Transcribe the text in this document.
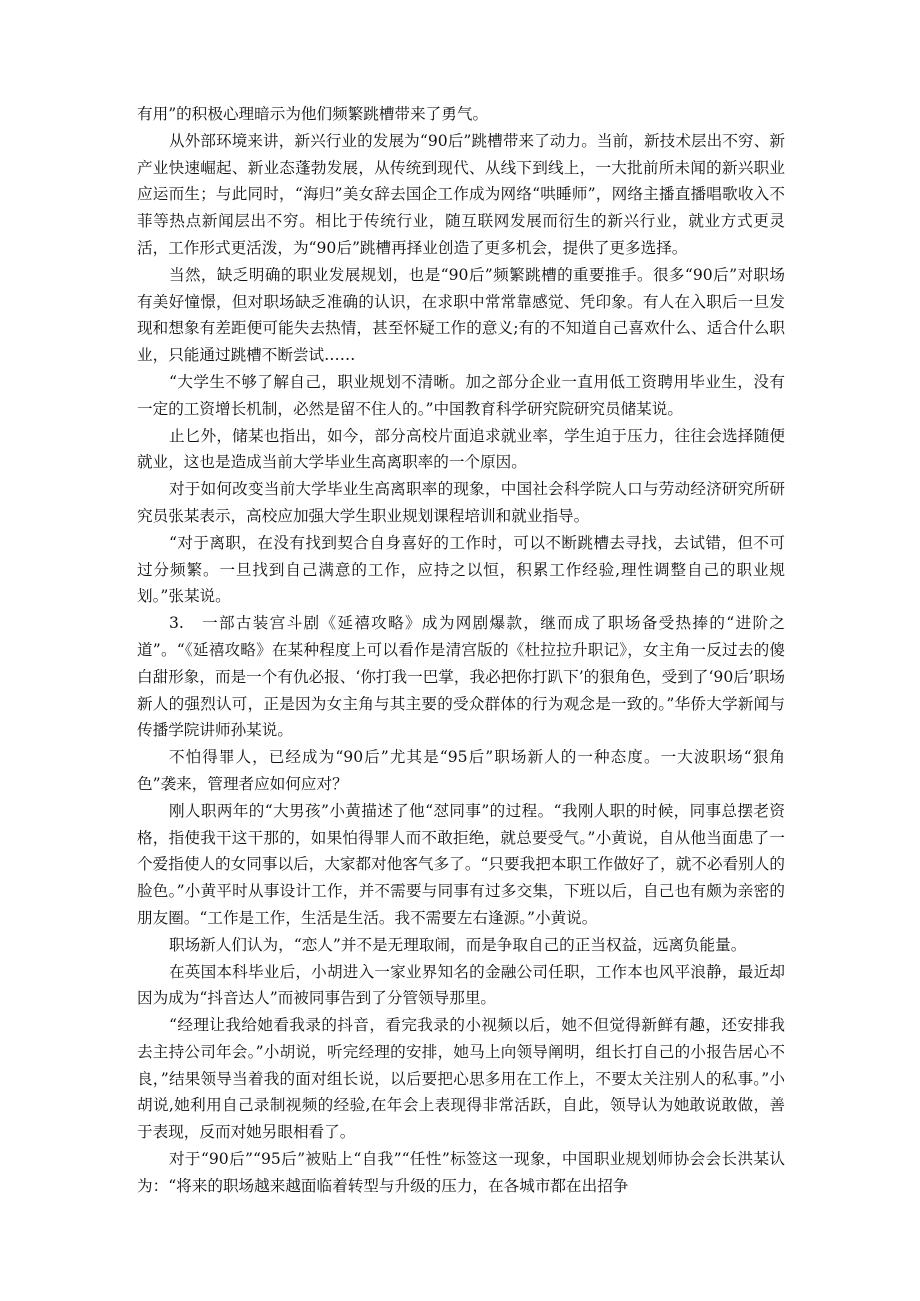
有用”的积极心理暗示为他们频繁跳槽带来了勇气。

从外部环境来讲，新兴行业的发展为“90后”跳槽带来了动力。当前，新技术层出不穷、新产业快速崛起、新业态蓬勃发展，从传统到现代、从线下到线上，一大批前所未闻的新兴职业应运而生；与此同时，“海归”美女辞去国企工作成为网络“哄睡师”，网络主播直播唱歌收入不菲等热点新闻层出不穷。相比于传统行业，随互联网发展而衍生的新兴行业，就业方式更灵活，工作形式更活泼，为“90后”跳槽再择业创造了更多机会，提供了更多选择。

当然，缺乏明确的职业发展规划，也是“90后”频繁跳槽的重要推手。很多“90后”对职场有美好憧憬，但对职场缺乏准确的认识，在求职中常常靠感觉、凭印象。有人在入职后一旦发现和想象有差距便可能失去热情，甚至怀疑工作的意义;有的不知道自己喜欢什么、适合什么职业，只能通过跳槽不断尝试……

“大学生不够了解自己，职业规划不清晰。加之部分企业一直用低工资聘用毕业生，没有一定的工资增长机制，必然是留不住人的。”中国教育科学研究院研究员储某说。

止匕外，储某也指出，如今，部分高校片面追求就业率，学生迫于压力，往往会选择随便就业，这也是造成当前大学毕业生高离职率的一个原因。

对于如何改变当前大学毕业生高离职率的现象，中国社会科学院人口与劳动经济研究所研究员张某表示，高校应加强大学生职业规划课程培训和就业指导。

“对于离职，在没有找到契合自身喜好的工作时，可以不断跳槽去寻找，去试错，但不可过分频繁。一旦找到自己满意的工作，应持之以恒，积累工作经验,理性调整自己的职业规划。”张某说。

3.　一部古装宫斗剧《延禧攻略》成为网剧爆款，继而成了职场备受热捧的“进阶之道”。“《延禧攻略》在某种程度上可以看作是清宫版的《杜拉拉升职记》，女主角一反过去的傻白甜形象，而是一个有仇必报、‘你打我一巴掌，我必把你打趴下’的狠角色，受到了‘90后’职场新人的强烈认可，正是因为女主角与其主要的受众群体的行为观念是一致的。”华侨大学新闻与传播学院讲师孙某说。

不怕得罪人，已经成为“90后”尤其是“95后”职场新人的一种态度。一大波职场“狠角色”袭来，管理者应如何应对？

刚人职两年的“大男孩”小黄描述了他“怼同事”的过程。“我刚人职的时候，同事总摆老资格，指使我干这干那的，如果怕得罪人而不敢拒绝，就总要受气。”小黄说，自从他当面患了一个爱指使人的女同事以后，大家都对他客气多了。“只要我把本职工作做好了，就不必看别人的脸色。”小黄平时从事设计工作，并不需要与同事有过多交集，下班以后，自己也有颇为亲密的朋友圈。“工作是工作，生活是生活。我不需要左右逢源。”小黄说。

职场新人们认为，“恋人”并不是无理取闹，而是争取自己的正当权益，远离负能量。

在英国本科毕业后，小胡进入一家业界知名的金融公司任职，工作本也风平浪静，最近却因为成为“抖音达人”而被同事告到了分管领导那里。

“经理让我给她看我录的抖音，看完我录的小视频以后，她不但觉得新鲜有趣，还安排我去主持公司年会。”小胡说，听完经理的安排，她马上向领导阐明，组长打自己的小报告居心不良，”结果领导当着我的面对组长说，以后要把心思多用在工作上，不要太关注别人的私事。”小胡说,她利用自己录制视频的经验,在年会上表现得非常活跃，自此，领导认为她敢说敢做，善于表现，反而对她另眼相看了。

对于“90后”“95后”被贴上“自我”“任性”标签这一现象，中国职业规划师协会会长洪某认为：“将来的职场越来越面临着转型与升级的压力，在各城市都在出招争
